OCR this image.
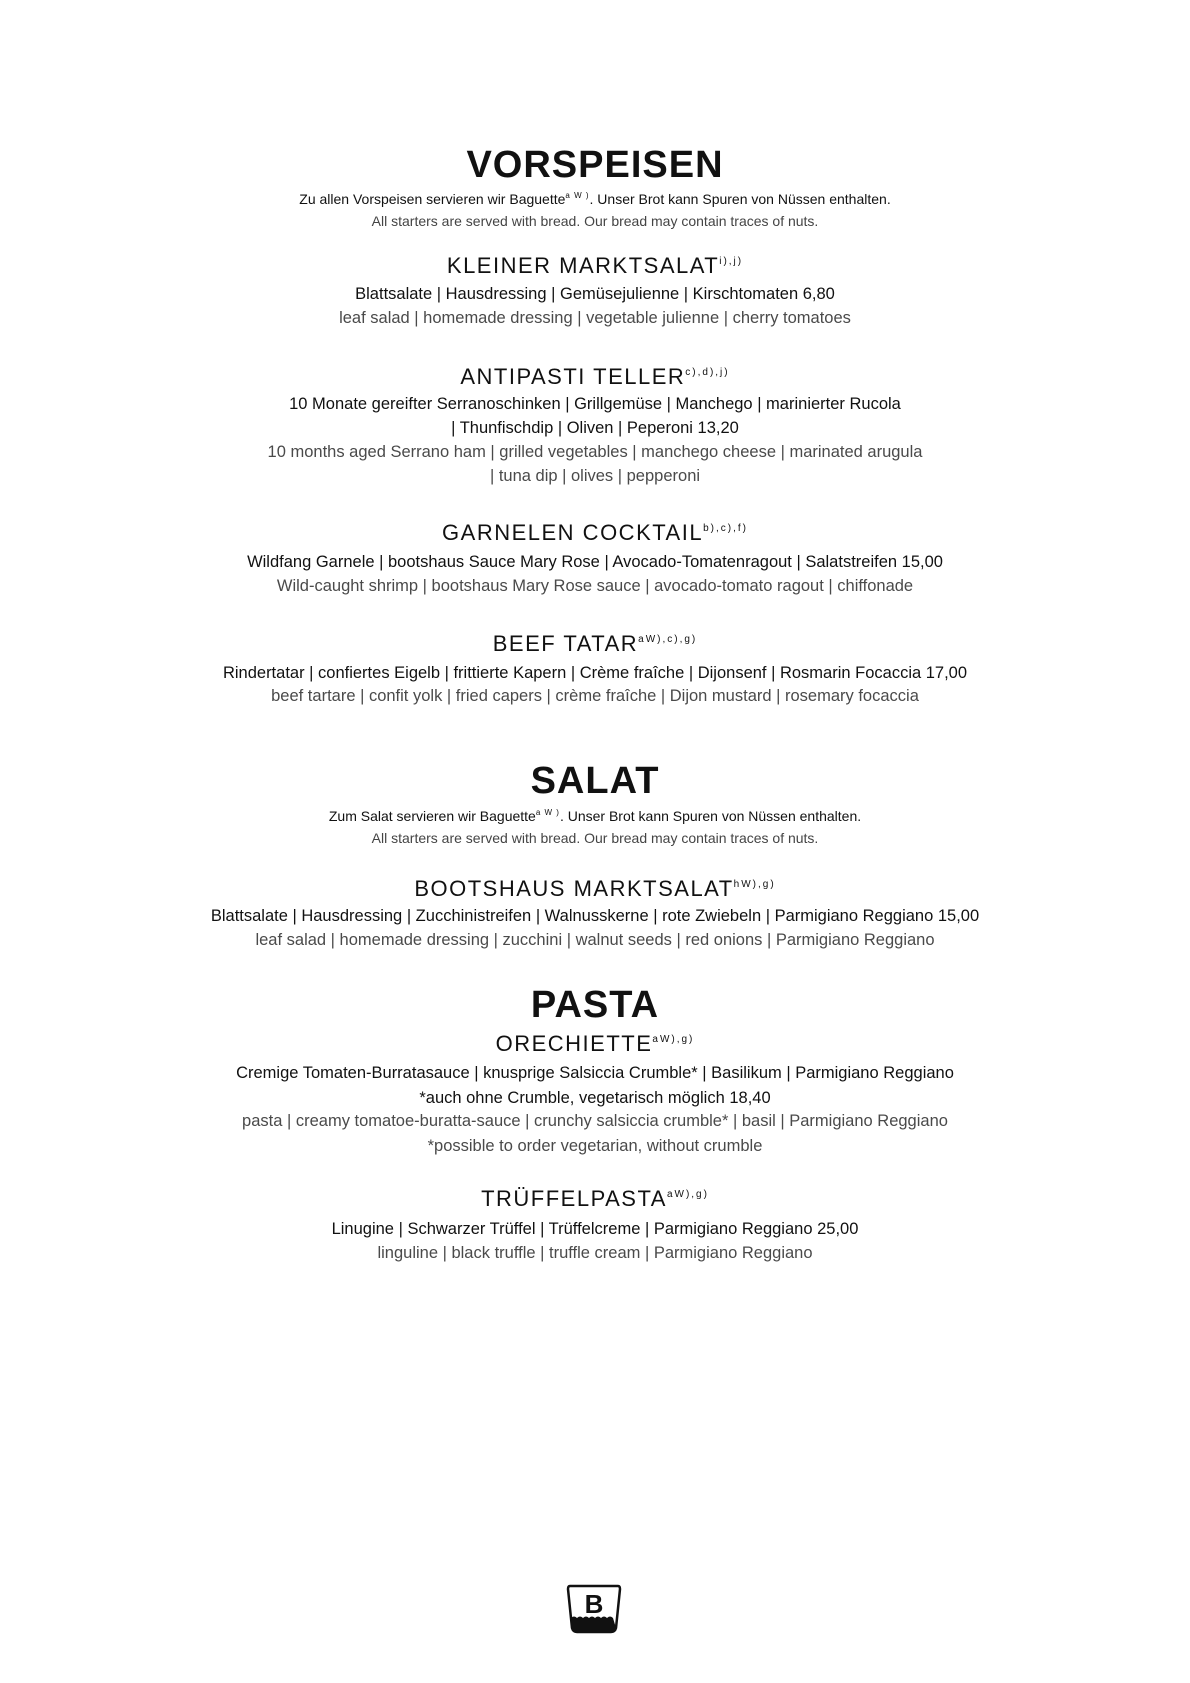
VORSPEISEN
Zu allen Vorspeisen servieren wir Baguette$^{a W )}$. Unser Brot kann Spuren von Nüssen enthalten.
All starters are served with bread. Our bread may contain traces of nuts.
KLEINER $MARKTSALAT^{i),j)}$
Blattsalate | Hausdressing | Gemüsejulienne | Kirschtomaten 6,80
leaf salad | homemade dressing | vegetable julienne | cherry tomatoes
ANTIPASTI $TELLER^{c),d),j)}$
10 Monate gereifter Serranoschinken | Grillgemüse | Manchego | marinierter Rucola
| Thunfischdip | Oliven | Peperoni 13,20
10 months aged Serrano ham | grilled vegetables | manchego cheese | marinated arugula
| tuna dip | olives | pepperoni
GARNELEN $COCKTAIL^{b),c),f)}$
Wildfang Garnele | bootshaus Sauce Mary Rose | Avocado-Tomatenragout | Salatstreifen 15,00
Wild-caught shrimp | bootshaus Mary Rose sauce | avocado-tomato ragout | chiffonade
BEEF $TATAR^{aW),c),g)}$
Rindertatar | confiertes Eigelb | frittierte Kapern | Crème fraîche | Dijonsenf | Rosmarin Focaccia 17,00
beef tartare | confit yolk | fried capers | crème fraîche | Dijon mustard | rosemary focaccia
SALAT
Zum Salat servieren wir Baguette$^{a W )}$. Unser Brot kann Spuren von Nüssen enthalten.
All starters are served with bread. Our bread may contain traces of nuts.
BOOTSHAUS $MARKTSALAT^{hW),g)}$
Blattsalate | Hausdressing | Zucchinistreifen | Walnusskerne | rote Zwiebeln | Parmigiano Reggiano 15,00
leaf salad | homemade dressing | zucchini | walnut seeds | red onions | Parmigiano Reggiano
PASTA
$ORECHIETTE^{aW),g)}$
Cremige Tomaten-Burratasauce | knusprige Salsiccia Crumble* | Basilikum | Parmigiano Reggiano
*auch ohne Crumble, vegetarisch möglich 18,40
pasta | creamy tomatoe-buratta-sauce | crunchy salsiccia crumble* | basil | Parmigiano Reggiano
*possible to order vegetarian, without crumble
$TRÜFFELPASTA^{aW),g)}$
Linugine | Schwarzer Trüffel | Trüffelcreme | Parmigiano Reggiano 25,00
linguline | black truffle | truffle cream | Parmigiano Reggiano
B
